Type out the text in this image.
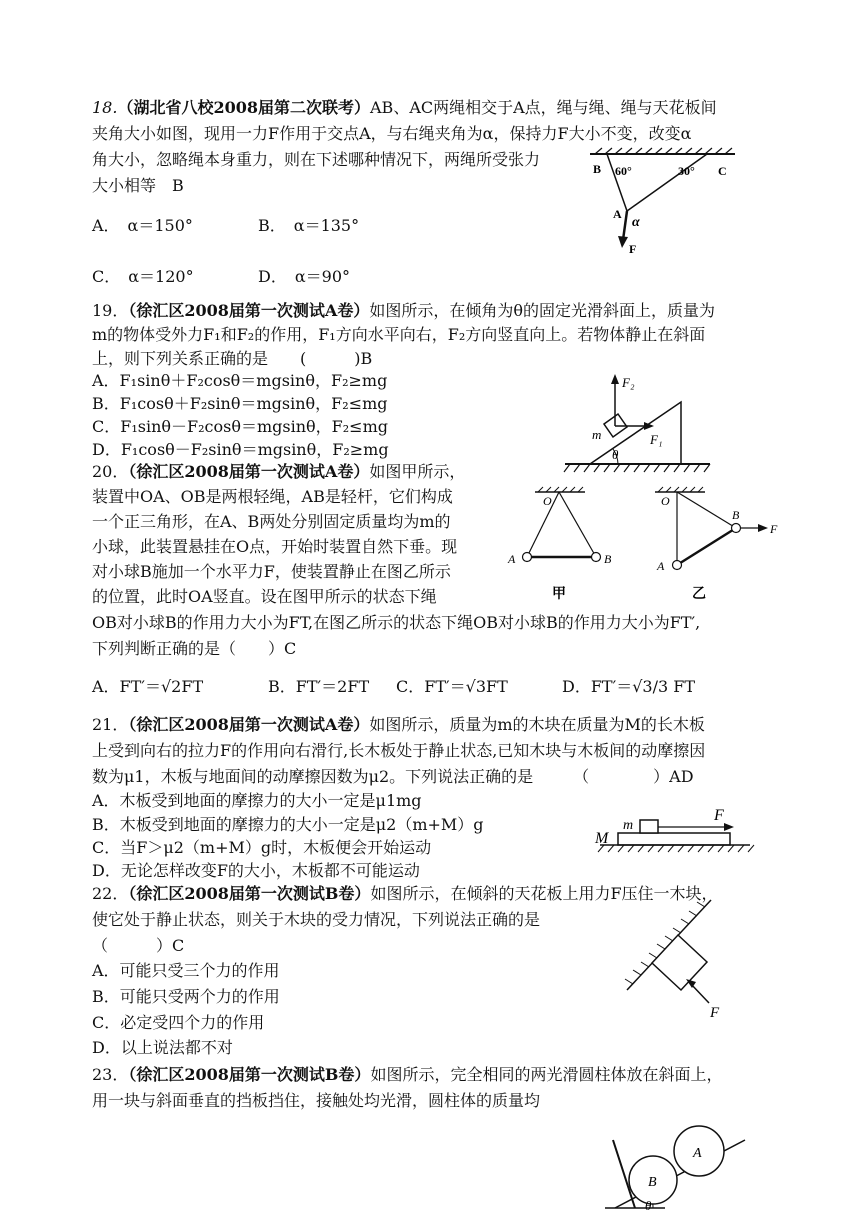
18.（湖北省八校2008届第二次联考）AB、AC两绳相交于A点，绳与绳、绳与天花板间
夹角大小如图，现用一力F作用于交点A，与右绳夹角为α，保持力F大小不变，改变α
角大小，忽略绳本身重力，则在下述哪种情况下，两绳所受张力
大小相等　B
A．　α＝150°	B．　α＝135°
C．　α＝120°	D．　α＝90°
B 60°	30° C
A
α
F
19．（徐汇区2008届第一次测试A卷）如图所示，在倾角为θ的固定光滑斜面上，质量为
m的物体受外力F₁和F₂的作用，F₁方向水平向右，F₂方向竖直向上。若物体静止在斜面
上，则下列关系正确的是　　(　　　)B
A．F₁sinθ＋F₂cosθ＝mgsinθ，F₂≥mg
B．F₁cosθ＋F₂sinθ＝mgsinθ，F₂≤mg
C．F₁sinθ－F₂cosθ＝mgsinθ，F₂≤mg
D．F₁cosθ－F₂sinθ＝mgsinθ，F₂≥mg
F₂
F₁
m
θ
20．（徐汇区2008届第一次测试A卷）如图甲所示，
装置中OA、OB是两根轻绳，AB是轻杆，它们构成
一个正三角形，在A、B两处分别固定质量均为m的
小球，此装置悬挂在O点，开始时装置自然下垂。现
对小球B施加一个水平力F，使装置静止在图乙所示
的位置，此时OA竖直。设在图甲所示的状态下绳
OB对小球B的作用力大小为FT,在图乙所示的状态下绳OB对小球B的作用力大小为FT′,
下列判断正确的是（　　）C
A．FT′＝√2FT	B．FT′＝2FT C．FT′＝√3FT	D．FT′＝√3/3 FT
O
A	B
甲
O
A
B
F
乙
21．（徐汇区2008届第一次测试A卷）如图所示，质量为m的木块在质量为M的长木板
上受到向右的拉力F的作用向右滑行,长木板处于静止状态,已知木块与木板间的动摩擦因
数为μ1，木板与地面间的动摩擦因数为μ2。下列说法正确的是　　　（　　　　）AD
A．木板受到地面的摩擦力的大小一定是μ1mg
B．木板受到地面的摩擦力的大小一定是μ2（m+M）g
C．当F＞μ2（m+M）g时，木板便会开始运动
D．无论怎样改变F的大小，木板都不可能运动
m
M
F
22．（徐汇区2008届第一次测试B卷）如图所示，在倾斜的天花板上用力F压住一木块，
使它处于静止状态，则关于木块的受力情况，下列说法正确的是
（　　　）C
A．可能只受三个力的作用
B．可能只受两个力的作用
C．必定受四个力的作用
D．以上说法都不对
F
23．（徐汇区2008届第一次测试B卷）如图所示，完全相同的两光滑圆柱体放在斜面上，
用一块与斜面垂直的挡板挡住，接触处均光滑，圆柱体的质量均
B
A
θ
